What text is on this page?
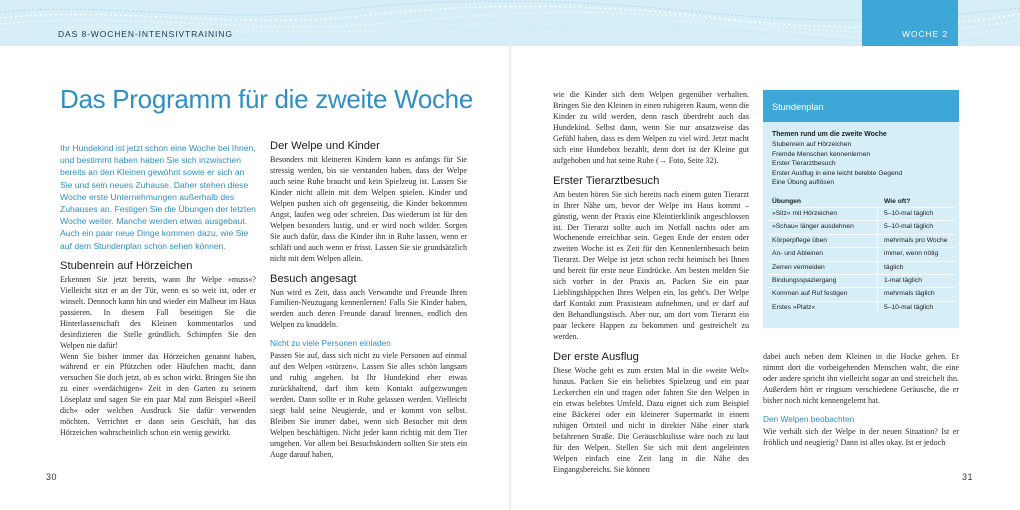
DAS 8-WOCHEN-INTENSIVTRAINING	WOCHE 2
Das Programm für die zweite Woche
Ihr Hundekind ist jetzt schon eine Woche bei Ihnen, und bestimmt haben haben Sie sich inzwischen bereits an den Kleinen gewöhnt sowie er sich an Sie und sein neues Zuhause. Daher stehen diese Woche erste Unternehmungen außerhalb des Zuhauses an. Festigen Sie die Übungen der letzten Woche weiter. Manche werden etwas ausgebaut. Auch ein paar neue Dinge kommen dazu, wie Sie auf dem Stundenplan schon sehen können.
Stubenrein auf Hörzeichen

Erkennen Sie jetzt bereits, wann Ihr Welpe »muss«? Vielleicht sitzt er an der Tür, wenn es so weit ist, oder er winselt. Dennoch kann hin und wieder ein Malheur im Haus passieren. In diesem Fall beseitigen Sie die Hinterlassenschaft des Kleinen kommentarlos und desinfizieren die Stelle gründlich. Schimpfen Sie den Welpen nie dafür!

Wenn Sie bisher immer das Hörzeichen genannt haben, während er ein Pfützchen oder Häufchen macht, dann versuchen Sie doch jetzt, ob es schon wirkt. Bringen Sie ihn zu einer »verdächtigen« Zeit in den Garten zu seinem Löseplatz und sagen Sie ein paar Mal zum Beispiel »Beeil dich« oder welchen Ausdruck Sie dafür verwenden möchten. Verrichtet er dann sein Geschäft, hat das Hörzeichen wahrscheinlich schon ein wenig gewirkt.

Der Welpe und Kinder

Besonders mit kleineren Kindern kann es anfangs für Sie stressig werden, bis sie verstanden haben, dass der Welpe auch seine Ruhe braucht und kein Spielzeug ist. Lassen Sie Kinder nicht allein mit dem Welpen spielen. Kinder und Welpen pushen sich oft gegenseitig, die Kinder bekommen Angst, laufen weg oder schreien. Das wiederum ist für den Welpen besonders lustig, und er wird noch wilder. Sorgen Sie auch dafür, dass die Kinder ihn in Ruhe lassen, wenn er schläft und auch wenn er frisst. Lassen Sie sie grundsätzlich nicht mit dem Welpen allein.

Besuch angesagt

Nun wird es Zeit, dass auch Verwandte und Freunde Ihren Familien-Neuzugang kennenlernen! Falls Sie Kinder haben, werden auch deren Freunde darauf brennen, endlich den Welpen zu knuddeln.

Nicht zu viele Personen einladen

Passen Sie auf, dass sich nicht zu viele Personen auf einmal auf den Welpen »stürzen«. Lassen Sie alles schön langsam und ruhig angehen. Ist Ihr Hundekind eher etwas zurückhaltend, darf ihm kein Kontakt aufgezwungen werden. Dann sollte er in Ruhe gelassen werden. Vielleicht siegt bald seine Neugierde, und er kommt von selbst. Bleiben Sie immer dabei, wenn sich Besucher mit dem Welpen beschäftigen. Nicht jeder kann richtig mit dem Tier umgehen. Vor allem bei Besuchskindern sollten Sie stets ein Auge darauf haben,

wie die Kinder sich dem Welpen gegenüber verhalten. Bringen Sie den Kleinen in einen ruhigeren Raum, wenn die Kinder zu wild werden, denn rasch überdreht auch das Hundekind. Selbst dann, wenn Sie nur ansatzweise das Gefühl haben, dass es dem Welpen zu viel wird. Jetzt macht sich eine Hundebox bezahlt, denn dort ist der Kleine gut aufgehoben und hat seine Ruhe (→ Foto, Seite 32).

Erster Tierarztbesuch

Am besten hören Sie sich bereits nach einem guten Tierarzt in Ihrer Nähe um, bevor der Welpe ins Haus kommt – günstig, wenn der Praxis eine Kleintierklinik angeschlossen ist. Der Tierarzt sollte auch im Notfall nachts oder am Wochenende erreichbar sein. Gegen Ende der ersten oder zweiten Woche ist es Zeit für den Kennenlernbesuch beim Tierarzt. Der Welpe ist jetzt schon recht heimisch bei Ihnen und bereit für erste neue Eindrücke. Am besten melden Sie sich vorher in der Praxis an. Packen Sie ein paar Lieblingshäppchen Ihres Welpen ein, los geht's. Der Welpe darf Kontakt zum Praxisteam aufnehmen, und er darf auf den Behandlungstisch. Aber nur, um dort vom Tierarzt ein paar leckere Happen zu bekommen und gestreichelt zu werden.

Der erste Ausflug

Diese Woche geht es zum ersten Mal in die »weite Welt« hinaus. Packen Sie ein beliebtes Spielzeug und ein paar Leckerchen ein und tragen oder fahren Sie den Welpen in ein etwas belebtes Umfeld. Dazu eignet sich zum Beispiel eine Bäckerei oder ein kleinerer Supermarkt in einem ruhigen Ortsteil und nicht in direkter Nähe einer stark befahrenen Straße. Die Geräuschkulisse wäre noch zu laut für den Welpen. Stellen Sie sich mit dem angeleinten Welpen einfach eine Zeit lang in die Nähe des Eingangsbereichs. Sie können

Stundenplan
Themen rund um die zweite Woche
Stubenrein auf Hörzeichen
Fremde Menschen kennenlernen
Erster Tierarztbesuch
Erster Ausflug in eine leicht belebte Gegend
Eine Übung auflösen
Übungen	Wie oft?
»Sitz« mit Hörzeichen	5–10-mal täglich
»Schau« länger ausdehnen	5–10-mal täglich
Körperpflege üben	mehrmals pro Woche
An- und Ableinen	immer, wenn nötig
Zerren vermeiden	täglich
Bindungsspaziergang	1-mal täglich
Kommen auf Ruf festigen	mehrmals täglich
Erstes »Platz«	5–10-mal täglich

dabei auch neben dem Kleinen in die Hocke gehen. Er nimmt dort die vorbeigehenden Menschen wahr, die eine oder andere spricht ihn vielleicht sogar an und streichelt ihn. Außerdem hört er ringsum verschiedene Geräusche, die er bisher noch nicht kennengelernt hat.

Den Welpen beobachten

Wie verhält sich der Welpe in der neuen Situation? Ist er fröhlich und neugierig? Dann ist alles okay. Ist er jedoch

30	31
